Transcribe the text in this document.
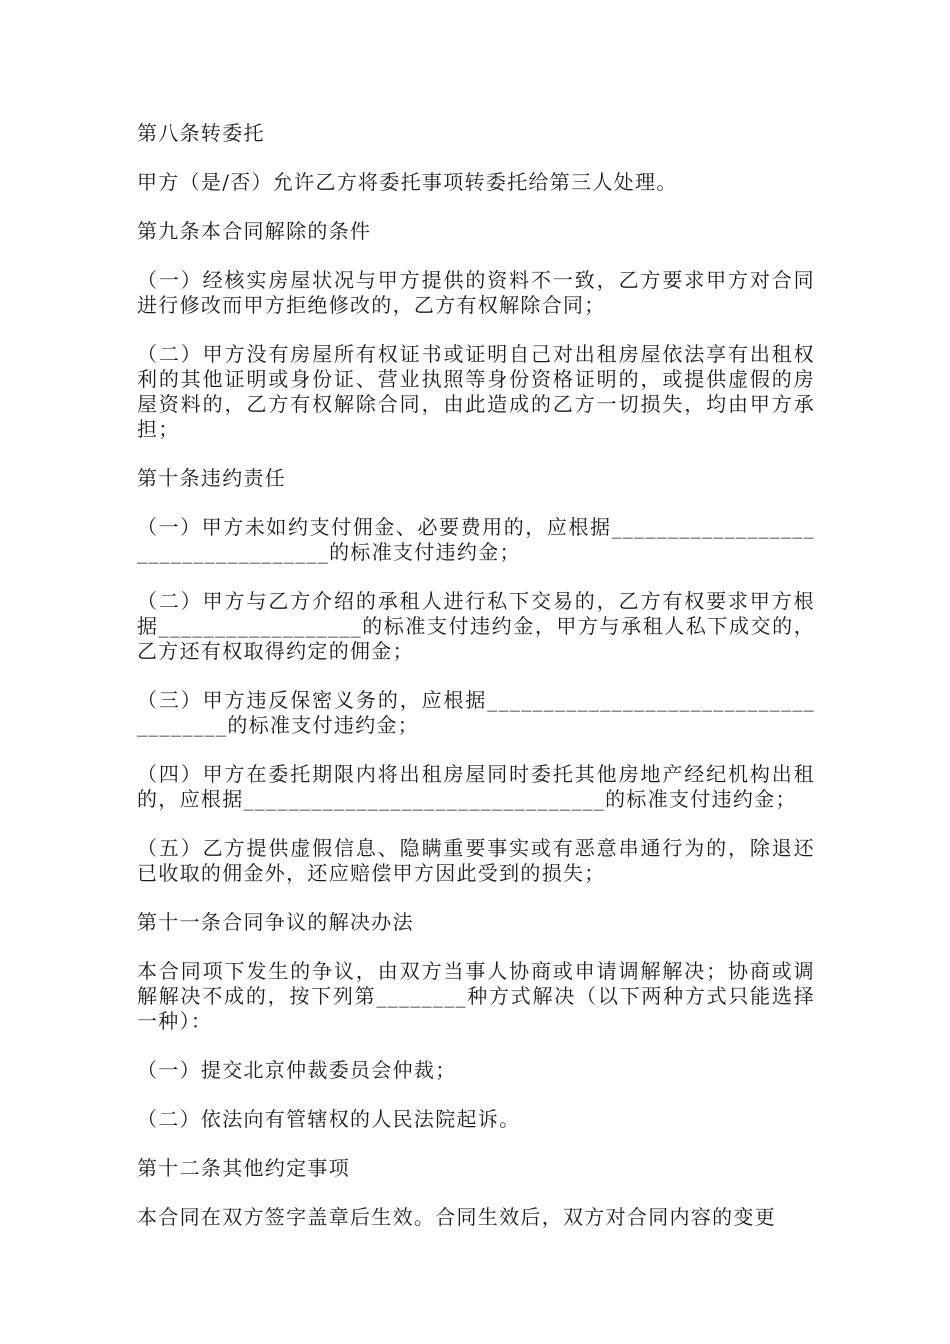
第八条转委托

甲方（是/否）允许乙方将委托事项转委托给第三人处理。

第九条本合同解除的条件

（一）经核实房屋状况与甲方提供的资料不一致，乙方要求甲方对合同进行修改而甲方拒绝修改的，乙方有权解除合同；

（二）甲方没有房屋所有权证书或证明自己对出租房屋依法享有出租权利的其他证明或身份证、营业执照等身份资格证明的，或提供虚假的房屋资料的，乙方有权解除合同，由此造成的乙方一切损失，均由甲方承担；

第十条违约责任

（一）甲方未如约支付佣金、必要费用的，应根据___________________________________的标准支付违约金；

（二）甲方与乙方介绍的承租人进行私下交易的，乙方有权要求甲方根据__________________的标准支付违约金，甲方与承租人私下成交的，乙方还有权取得约定的佣金；

（三）甲方违反保密义务的，应根据_____________________________________的标准支付违约金；

（四）甲方在委托期限内将出租房屋同时委托其他房地产经纪机构出租的，应根据________________________________的标准支付违约金；

（五）乙方提供虚假信息、隐瞒重要事实或有恶意串通行为的，除退还已收取的佣金外，还应赔偿甲方因此受到的损失；

第十一条合同争议的解决办法

本合同项下发生的争议，由双方当事人协商或申请调解解决；协商或调解解决不成的，按下列第________种方式解决（以下两种方式只能选择一种）：

（一）提交北京仲裁委员会仲裁；

（二）依法向有管辖权的人民法院起诉。

第十二条其他约定事项

本合同在双方签字盖章后生效。合同生效后，双方对合同内容的变更
